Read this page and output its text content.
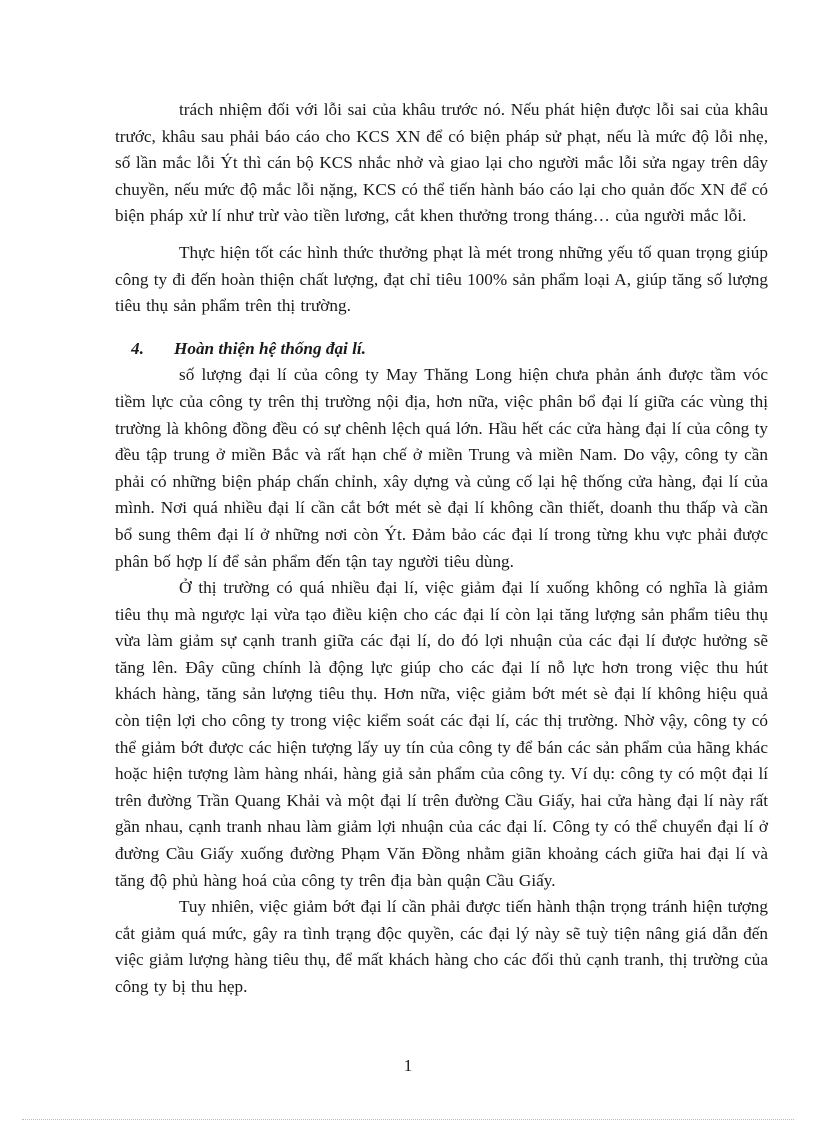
trách nhiệm đối với lỗi sai của khâu trước nó. Nếu phát hiện được lỗi sai của khâu trước, khâu sau phải báo cáo cho KCS XN để có biện pháp sử phạt, nếu là mức độ lỗi nhẹ, số lần mắc lỗi Ýt thì cán bộ KCS nhắc nhở và giao lại cho người mắc lỗi sửa ngay trên dây chuyền, nếu mức độ mắc lỗi nặng, KCS có thể tiến hành báo cáo lại cho quản đốc XN để có biện pháp xử lí như trừ vào tiền lương, cắt khen thưởng trong tháng… của người mắc lỗi.

Thực hiện tốt các hình thức thưởng phạt là mét trong những yếu tố quan trọng giúp công ty đi đến hoàn thiện chất lượng, đạt chỉ tiêu 100% sản phẩm loại A, giúp tăng số lượng tiêu thụ sản phẩm trên thị trường.

4. Hoàn thiện hệ thống đại lí.

số lượng đại lí của công ty May Thăng Long hiện chưa phản ánh được tầm vóc tiềm lực của công ty trên thị trường nội địa, hơn nữa, việc phân bổ đại lí giữa các vùng thị trường là không đồng đều có sự chênh lệch quá lớn. Hầu hết các cửa hàng đại lí của công ty đều tập trung ở miền Bắc và rất hạn chế ở miền Trung và miền Nam. Do vậy, công ty cần phải có những biện pháp chấn chỉnh, xây dựng và củng cố lại hệ thống cửa hàng, đại lí của mình. Nơi quá nhiều đại lí cần cắt bớt mét sè đại lí không cần thiết, doanh thu thấp và cần bổ sung thêm đại lí ở những nơi còn Ýt. Đảm bảo các đại lí trong từng khu vực phải được phân bố hợp lí để sản phẩm đến tận tay người tiêu dùng.

Ở thị trường có quá nhiều đại lí, việc giảm đại lí xuống không có nghĩa là giảm tiêu thụ mà ngược lại vừa tạo điều kiện cho các đại lí còn lại tăng lượng sản phẩm tiêu thụ vừa làm giảm sự cạnh tranh giữa các đại lí, do đó lợi nhuận của các đại lí được hưởng sẽ tăng lên. Đây cũng chính là động lực giúp cho các đại lí nỗ lực hơn trong việc thu hút khách hàng, tăng sản lượng tiêu thụ. Hơn nữa, việc giảm bớt mét sè đại lí không hiệu quả còn tiện lợi cho công ty trong việc kiểm soát các đại lí, các thị trường. Nhờ vậy, công ty có thể giảm bớt được các hiện tượng lấy uy tín của công ty để bán các sản phẩm của hãng khác hoặc hiện tượng làm hàng nhái, hàng giả sản phẩm của công ty. Ví dụ: công ty có một đại lí trên đường Trần Quang Khải và một đại lí trên đường Cầu Giấy, hai cửa hàng đại lí này rất gần nhau, cạnh tranh nhau làm giảm lợi nhuận của các đại lí. Công ty có thể chuyển đại lí ở đường Cầu Giấy xuống đường Phạm Văn Đồng nhằm giãn khoảng cách giữa hai đại lí và tăng độ phủ hàng hoá của công ty trên địa bàn quận Cầu Giấy.

Tuy nhiên, việc giảm bớt đại lí cần phải được tiến hành thận trọng tránh hiện tượng cắt giảm quá mức, gây ra tình trạng độc quyền, các đại lý này sẽ tuỳ tiện nâng giá dẫn đến việc giảm lượng hàng tiêu thụ, để mất khách hàng cho các đối thủ cạnh tranh, thị trường của công ty bị thu hẹp.

1
